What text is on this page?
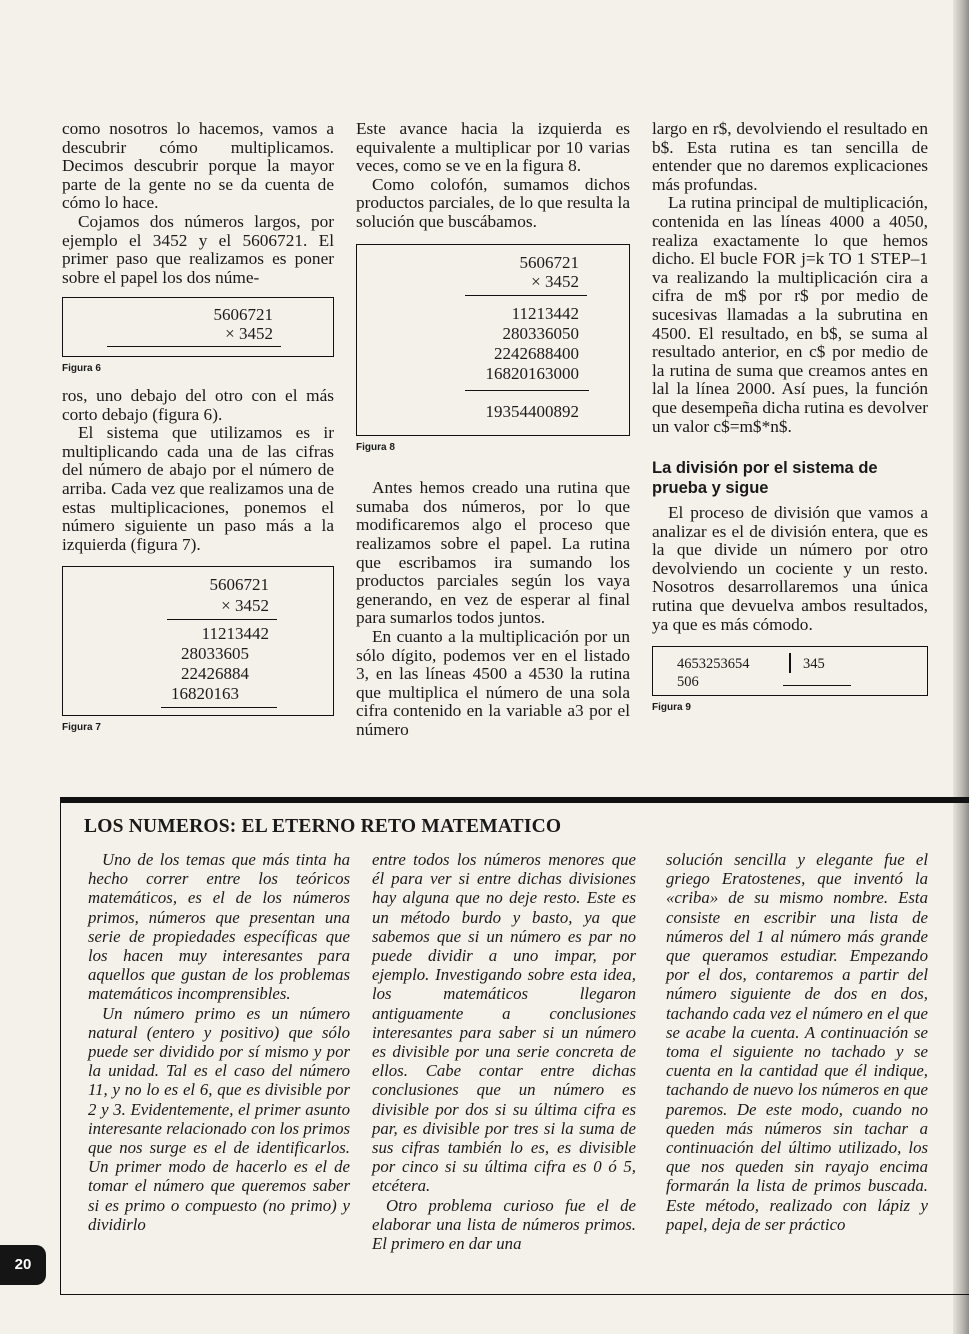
como nosotros lo hacemos, vamos a descubrir cómo multiplicamos. Decimos descubrir porque la mayor parte de la gente no se da cuenta de cómo lo hace.

Cojamos dos números largos, por ejemplo el 3452 y el 5606721. El primer paso que realizamos es poner sobre el papel los dos núme-

5606721
× 3452
Figura 6

ros, uno debajo del otro con el más corto debajo (figura 6).

El sistema que utilizamos es ir multiplicando cada una de las cifras del número de abajo por el número de arriba. Cada vez que realizamos una de estas multiplicaciones, ponemos el número siguiente un paso más a la izquierda (figura 7).

5606721
× 3452
11213442
28033605
22426884
16820163
Figura 7

Este avance hacia la izquierda es equivalente a multiplicar por 10 varias veces, como se ve en la figura 8.

Como colofón, sumamos dichos productos parciales, de lo que resulta la solución que buscábamos.

5606721
× 3452
11213442
280336050
2242688400
16820163000
19354400892
Figura 8

Antes hemos creado una rutina que sumaba dos números, por lo que modificaremos algo el proceso que realizamos sobre el papel. La rutina que escribamos ira sumando los productos parciales según los vaya generando, en vez de esperar al final para sumarlos todos juntos.

En cuanto a la multiplicación por un sólo dígito, podemos ver en el listado 3, en las líneas 4500 a 4530 la rutina que multiplica el número de una sola cifra contenido en la variable a3 por el número

largo en r$, devolviendo el resultado en b$. Esta rutina es tan sencilla de entender que no daremos explicaciones más profundas.

La rutina principal de multiplicación, contenida en las líneas 4000 a 4050, realiza exactamente lo que hemos dicho. El bucle FOR j=k TO 1 STEP–1 va realizando la multiplicación cira a cifra de m$ por r$ por medio de sucesivas llamadas a la subrutina en 4500. El resultado, en b$, se suma al resultado anterior, en c$ por medio de la rutina de suma que creamos antes en lal la línea 2000. Así pues, la función que desempeña dicha rutina es devolver un valor c$=m$*n$.

La división por el sistema de prueba y sigue

El proceso de división que vamos a analizar es el de división entera, que es la que divide un número por otro devolviendo un cociente y un resto. Nosotros desarrollaremos una única rutina que devuelva ambos resultados, ya que es más cómodo.

4653253654	345
506
Figura 9
LOS NUMEROS: EL ETERNO RETO MATEMATICO

Uno de los temas que más tinta ha hecho correr entre los teóricos matemáticos, es el de los números primos, números que presentan una serie de propiedades específicas que los hacen muy interesantes para aquellos que gustan de los problemas matemáticos incomprensibles.

Un número primo es un número natural (entero y positivo) que sólo puede ser dividido por sí mismo y por la unidad. Tal es el caso del número 11, y no lo es el 6, que es divisible por 2 y 3. Evidentemente, el primer asunto interesante relacionado con los primos que nos surge es el de identificarlos. Un primer modo de hacerlo es el de tomar el número que queremos saber si es primo o compuesto (no primo) y dividirlo

entre todos los números menores que él para ver si entre dichas divisiones hay alguna que no deje resto. Este es un método burdo y basto, ya que sabemos que si un número es par no puede dividir a uno impar, por ejemplo. Investigando sobre esta idea, los matemáticos llegaron antiguamente a conclusiones interesantes para saber si un número es divisible por una serie concreta de ellos. Cabe contar entre dichas conclusiones que un número es divisible por dos si su última cifra es par, es divisible por tres si la suma de sus cifras también lo es, es divisible por cinco si su última cifra es 0 ó 5, etcétera.

Otro problema curioso fue el de elaborar una lista de números primos. El primero en dar una

solución sencilla y elegante fue el griego Eratostenes, que inventó la «criba» de su mismo nombre. Esta consiste en escribir una lista de números del 1 al número más grande que queramos estudiar. Empezando por el dos, contaremos a partir del número siguiente de dos en dos, tachando cada vez el número en el que se acabe la cuenta. A continuación se toma el siguiente no tachado y se cuenta en la cantidad que él indique, tachando de nuevo los números en que paremos. De este modo, cuando no queden más números sin tachar a continuación del último utilizado, los que nos queden sin rayajo encima formarán la lista de primos buscada. Este método, realizado con lápiz y papel, deja de ser práctico

20
